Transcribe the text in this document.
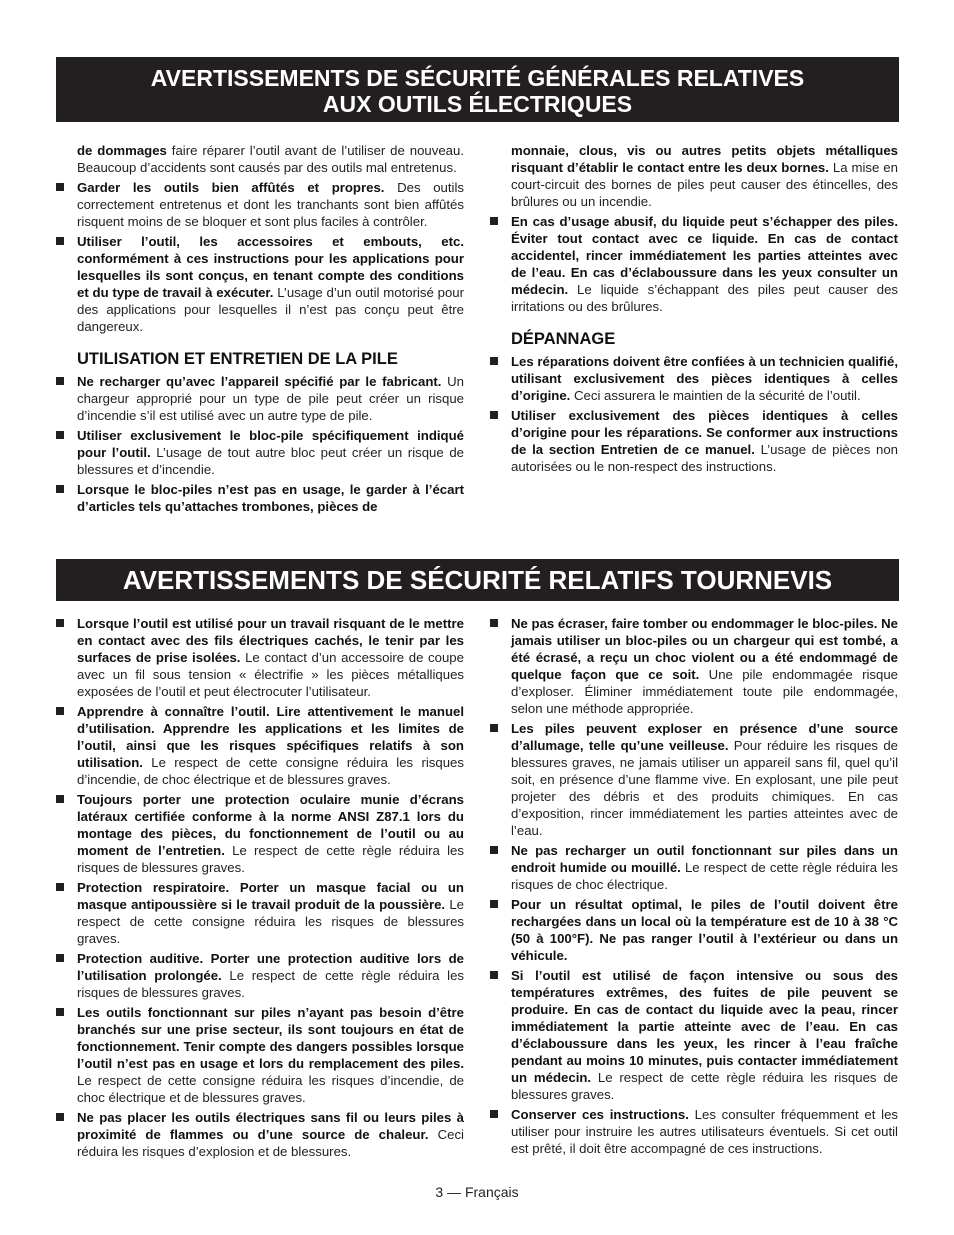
AVERTISSEMENTS DE SÉCURITÉ GÉNÉRALES RELATIVES
AUX OUTILS ÉLECTRIQUES

de dommages faire réparer l’outil avant de l’utiliser de nouveau. Beaucoup d’accidents sont causés par des outils mal entretenus.

Garder les outils bien affûtés et propres. Des outils correctement entretenus et dont les tranchants sont bien affûtés risquent moins de se bloquer et sont plus faciles à contrôler.
Utiliser l’outil, les accessoires et embouts, etc. conformément à ces instructions pour les applications pour lesquelles ils sont conçus, en tenant compte des conditions et du type de travail à exécuter. L’usage d’un outil motorisé pour des applications pour lesquelles il n’est pas conçu peut être dangereux.
UTILISATION ET ENTRETIEN DE LA PILE
Ne recharger qu’avec l’appareil spécifié par le fabricant. Un chargeur approprié pour un type de pile peut créer un risque d’incendie s’il est utilisé avec un autre type de pile.
Utiliser exclusivement le bloc-pile spécifiquement indiqué pour l’outil. L’usage de tout autre bloc peut créer un risque de blessures et d’incendie.
Lorsque le bloc-piles n’est pas en usage, le garder à l’écart d’articles tels qu’attaches trombones, pièces de

monnaie, clous, vis ou autres petits objets métalliques risquant d’établir le contact entre les deux bornes. La mise en court-circuit des bornes de piles peut causer des étincelles, des brûlures ou un incendie.

En cas d’usage abusif, du liquide peut s’échapper des piles. Éviter tout contact avec ce liquide. En cas de contact accidentel, rincer immédiatement les parties atteintes avec de l’eau. En cas d’éclaboussure dans les yeux consulter un médecin. Le liquide s’échappant des piles peut causer des irritations ou des brûlures.
DÉPANNAGE
Les réparations doivent être confiées à un technicien qualifié, utilisant exclusivement des pièces identiques à celles d’origine. Ceci assurera le maintien de la sécurité de l’outil.
Utiliser exclusivement des pièces identiques à celles d’origine pour les réparations. Se conformer aux instructions de la section Entretien de ce manuel. L’usage de pièces non autorisées ou le non-respect des instructions.
AVERTISSEMENTS DE SÉCURITÉ RELATIFS TOURNEVIS
Lorsque l’outil est utilisé pour un travail risquant de le mettre en contact avec des fils électriques cachés, le tenir par les surfaces de prise isolées. Le contact d’un accessoire de coupe avec un fil sous tension « électrifie » les pièces métalliques exposées de l’outil et peut électrocuter l’utilisateur.
Apprendre à connaître l’outil. Lire attentivement le manuel d’utilisation. Apprendre les applications et les limites de l’outil, ainsi que les risques spécifiques relatifs à son utilisation. Le respect de cette consigne réduira les risques d’incendie, de choc électrique et de blessures graves.
Toujours porter une protection oculaire munie d’écrans latéraux certifiée conforme à la norme ANSI Z87.1 lors du montage des pièces, du fonctionnement de l’outil ou au moment de l’entretien. Le respect de cette règle réduira les risques de blessures graves.
Protection respiratoire. Porter un masque facial ou un masque antipoussière si le travail produit de la poussière. Le respect de cette consigne réduira les risques de blessures graves.
Protection auditive. Porter une protection auditive lors de l’utilisation prolongée. Le respect de cette règle réduira les risques de blessures graves.
Les outils fonctionnant sur piles n’ayant pas besoin d’être branchés sur une prise secteur, ils sont toujours en état de fonctionnement. Tenir compte des dangers possibles lorsque l’outil n’est pas en usage et lors du remplacement des piles. Le respect de cette consigne réduira les risques d’incendie, de choc électrique et de blessures graves.
Ne pas placer les outils électriques sans fil ou leurs piles à proximité de flammes ou d’une source de chaleur. Ceci réduira les risques d’explosion et de blessures.
Ne pas écraser, faire tomber ou endommager le bloc-piles. Ne jamais utiliser un bloc-piles ou un chargeur qui est tombé, a été écrasé, a reçu un choc violent ou a été endommagé de quelque façon que ce soit. Une pile endommagée risque d’exploser. Éliminer immédiatement toute pile endommagée, selon une méthode appropriée.
Les piles peuvent exploser en présence d’une source d’allumage, telle qu’une veilleuse. Pour réduire les risques de blessures graves, ne jamais utiliser un appareil sans fil, quel qu’il soit, en présence d’une flamme vive. En explosant, une pile peut projeter des débris et des produits chimiques. En cas d’exposition, rincer immédiatement les parties atteintes avec de l’eau.
Ne pas recharger un outil fonctionnant sur piles dans un endroit humide ou mouillé. Le respect de cette règle réduira les risques de choc électrique.
Pour un résultat optimal, le piles de l’outil doivent être rechargées dans un local où la température est de 10 à 38 °C (50 à 100°F). Ne pas ranger l’outil à l’extérieur ou dans un véhicule.
Si l’outil est utilisé de façon intensive ou sous des températures extrêmes, des fuites de pile peuvent se produire. En cas de contact du liquide avec la peau, rincer immédiatement la partie atteinte avec de l’eau. En cas d’éclaboussure dans les yeux, les rincer à l’eau fraîche pendant au moins 10 minutes, puis contacter immédiatement un médecin. Le respect de cette règle réduira les risques de blessures graves.
Conserver ces instructions. Les consulter fréquemment et les utiliser pour instruire les autres utilisateurs éventuels. Si cet outil est prêté, il doit être accompagné de ces instructions.
3 — Français
